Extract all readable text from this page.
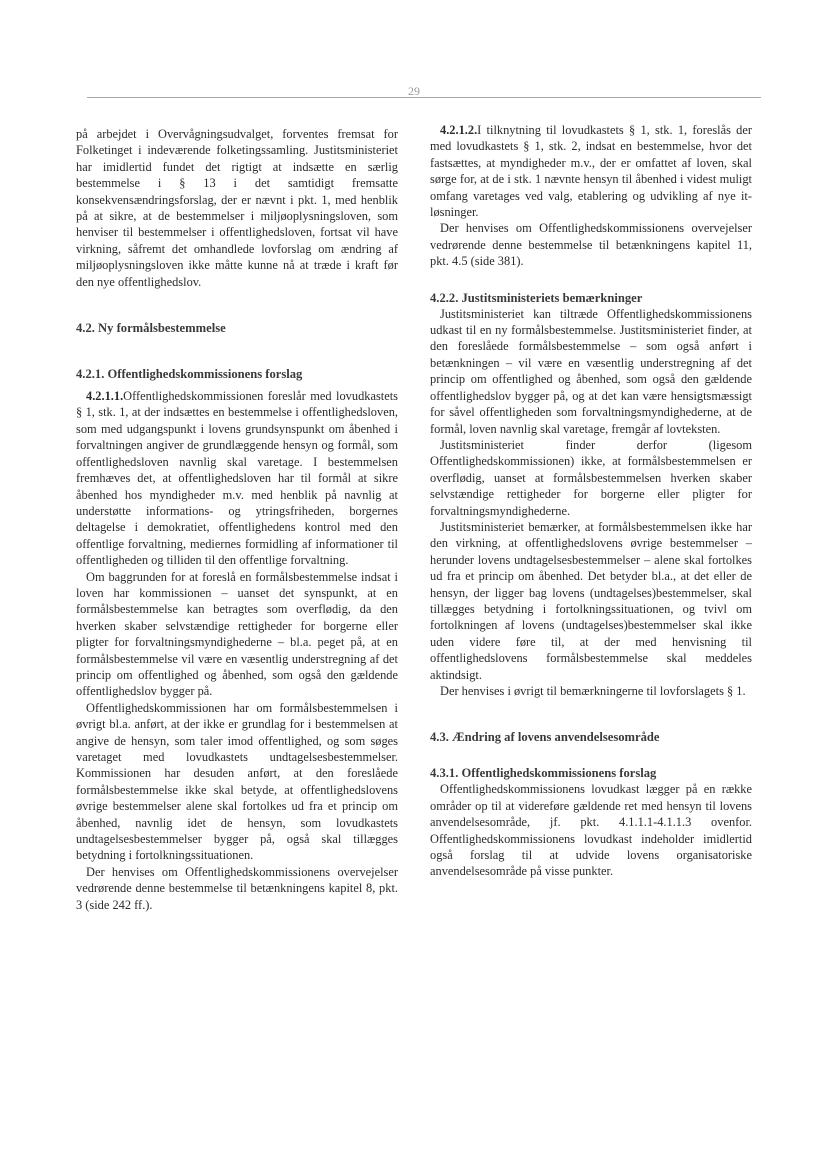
29

på arbejdet i Overvågningsudvalget, forventes fremsat for Folketinget i indeværende folketingssamling. Justitsministeriet har imidlertid fundet det rigtigt at indsætte en særlig bestemmelse i § 13 i det samtidigt fremsatte konsekvensændringsforslag, der er nævnt i pkt. 1, med henblik på at sikre, at de bestemmelser i miljøoplysningsloven, som henviser til bestemmelser i offentlighedsloven, fortsat vil have virkning, såfremt det omhandlede lovforslag om ændring af miljøoplysningsloven ikke måtte kunne nå at træde i kraft før den nye offentlighedslov.

4.2. Ny formålsbestemmelse
4.2.1. Offentlighedskommissionens forslag

4.2.1.1.Offentlighedskommissionen foreslår med lovudkastets § 1, stk. 1, at der indsættes en bestemmelse i offentlighedsloven, som med udgangspunkt i lovens grundsynspunkt om åbenhed i forvaltningen angiver de grundlæggende hensyn og formål, som offentlighedsloven navnlig skal varetage. I bestemmelsen fremhæves det, at offentlighedsloven har til formål at sikre åbenhed hos myndigheder m.v. med henblik på navnlig at understøtte informations- og ytringsfriheden, borgernes deltagelse i demokratiet, offentlighedens kontrol med den offentlige forvaltning, mediernes formidling af informationer til offentligheden og tilliden til den offentlige forvaltning.

Om baggrunden for at foreslå en formålsbestemmelse indsat i loven har kommissionen – uanset det synspunkt, at en formålsbestemmelse kan betragtes som overflødig, da den hverken skaber selvstændige rettigheder for borgerne eller pligter for forvaltningsmyndighederne – bl.a. peget på, at en formålsbestemmelse vil være en væsentlig understregning af det princip om offentlighed og åbenhed, som også den gældende offentlighedslov bygger på.

Offentlighedskommissionen har om formålsbestemmelsen i øvrigt bl.a. anført, at der ikke er grundlag for i bestemmelsen at angive de hensyn, som taler imod offentlighed, og som søges varetaget med lovudkastets undtagelsesbestemmelser. Kommissionen har desuden anført, at den foreslåede formålsbestemmelse ikke skal betyde, at offentlighedslovens øvrige bestemmelser alene skal fortolkes ud fra et princip om åbenhed, navnlig idet de hensyn, som lovudkastets undtagelsesbestemmelser bygger på, også skal tillægges betydning i fortolkningssituationen.

Der henvises om Offentlighedskommissionens overvejelser vedrørende denne bestemmelse til betænkningens kapitel 8, pkt. 3 (side 242 ff.).

4.2.1.2.I tilknytning til lovudkastets § 1, stk. 1, foreslås der med lovudkastets § 1, stk. 2, indsat en bestemmelse, hvor det fastsættes, at myndigheder m.v., der er omfattet af loven, skal sørge for, at de i stk. 1 nævnte hensyn til åbenhed i videst muligt omfang varetages ved valg, etablering og udvikling af nye it-løsninger.

Der henvises om Offentlighedskommissionens overvejelser vedrørende denne bestemmelse til betænkningens kapitel 11, pkt. 4.5 (side 381).

4.2.2. Justitsministeriets bemærkninger

Justitsministeriet kan tiltræde Offentlighedskommissionens udkast til en ny formålsbestemmelse. Justitsministeriet finder, at den foreslåede formålsbestemmelse – som også anført i betænkningen – vil være en væsentlig understregning af det princip om offentlighed og åbenhed, som også den gældende offentlighedslov bygger på, og at det kan være hensigtsmæssigt for såvel offentligheden som forvaltningsmyndighederne, at de formål, loven navnlig skal varetage, fremgår af lovteksten.

Justitsministeriet finder derfor (ligesom Offentlighedskommissionen) ikke, at formålsbestemmelsen er overflødig, uanset at formålsbestemmelsen hverken skaber selvstændige rettigheder for borgerne eller pligter for forvaltningsmyndighederne.

Justitsministeriet bemærker, at formålsbestemmelsen ikke har den virkning, at offentlighedslovens øvrige bestemmelser – herunder lovens undtagelsesbestemmelser – alene skal fortolkes ud fra et princip om åbenhed. Det betyder bl.a., at det eller de hensyn, der ligger bag lovens (undtagelses)bestemmelser, skal tillægges betydning i fortolkningssituationen, og tvivl om fortolkningen af lovens (undtagelses)bestemmelser skal ikke uden videre føre til, at der med henvisning til offentlighedslovens formålsbestemmelse skal meddeles aktindsigt.

Der henvises i øvrigt til bemærkningerne til lovforslagets § 1.

4.3. Ændring af lovens anvendelsesområde
4.3.1. Offentlighedskommissionens forslag

Offentlighedskommissionens lovudkast lægger på en række områder op til at videreføre gældende ret med hensyn til lovens anvendelsesområde, jf. pkt. 4.1.1.1-4.1.1.3 ovenfor. Offentlighedskommissionens lovudkast indeholder imidlertid også forslag til at udvide lovens organisatoriske anvendelsesområde på visse punkter.
